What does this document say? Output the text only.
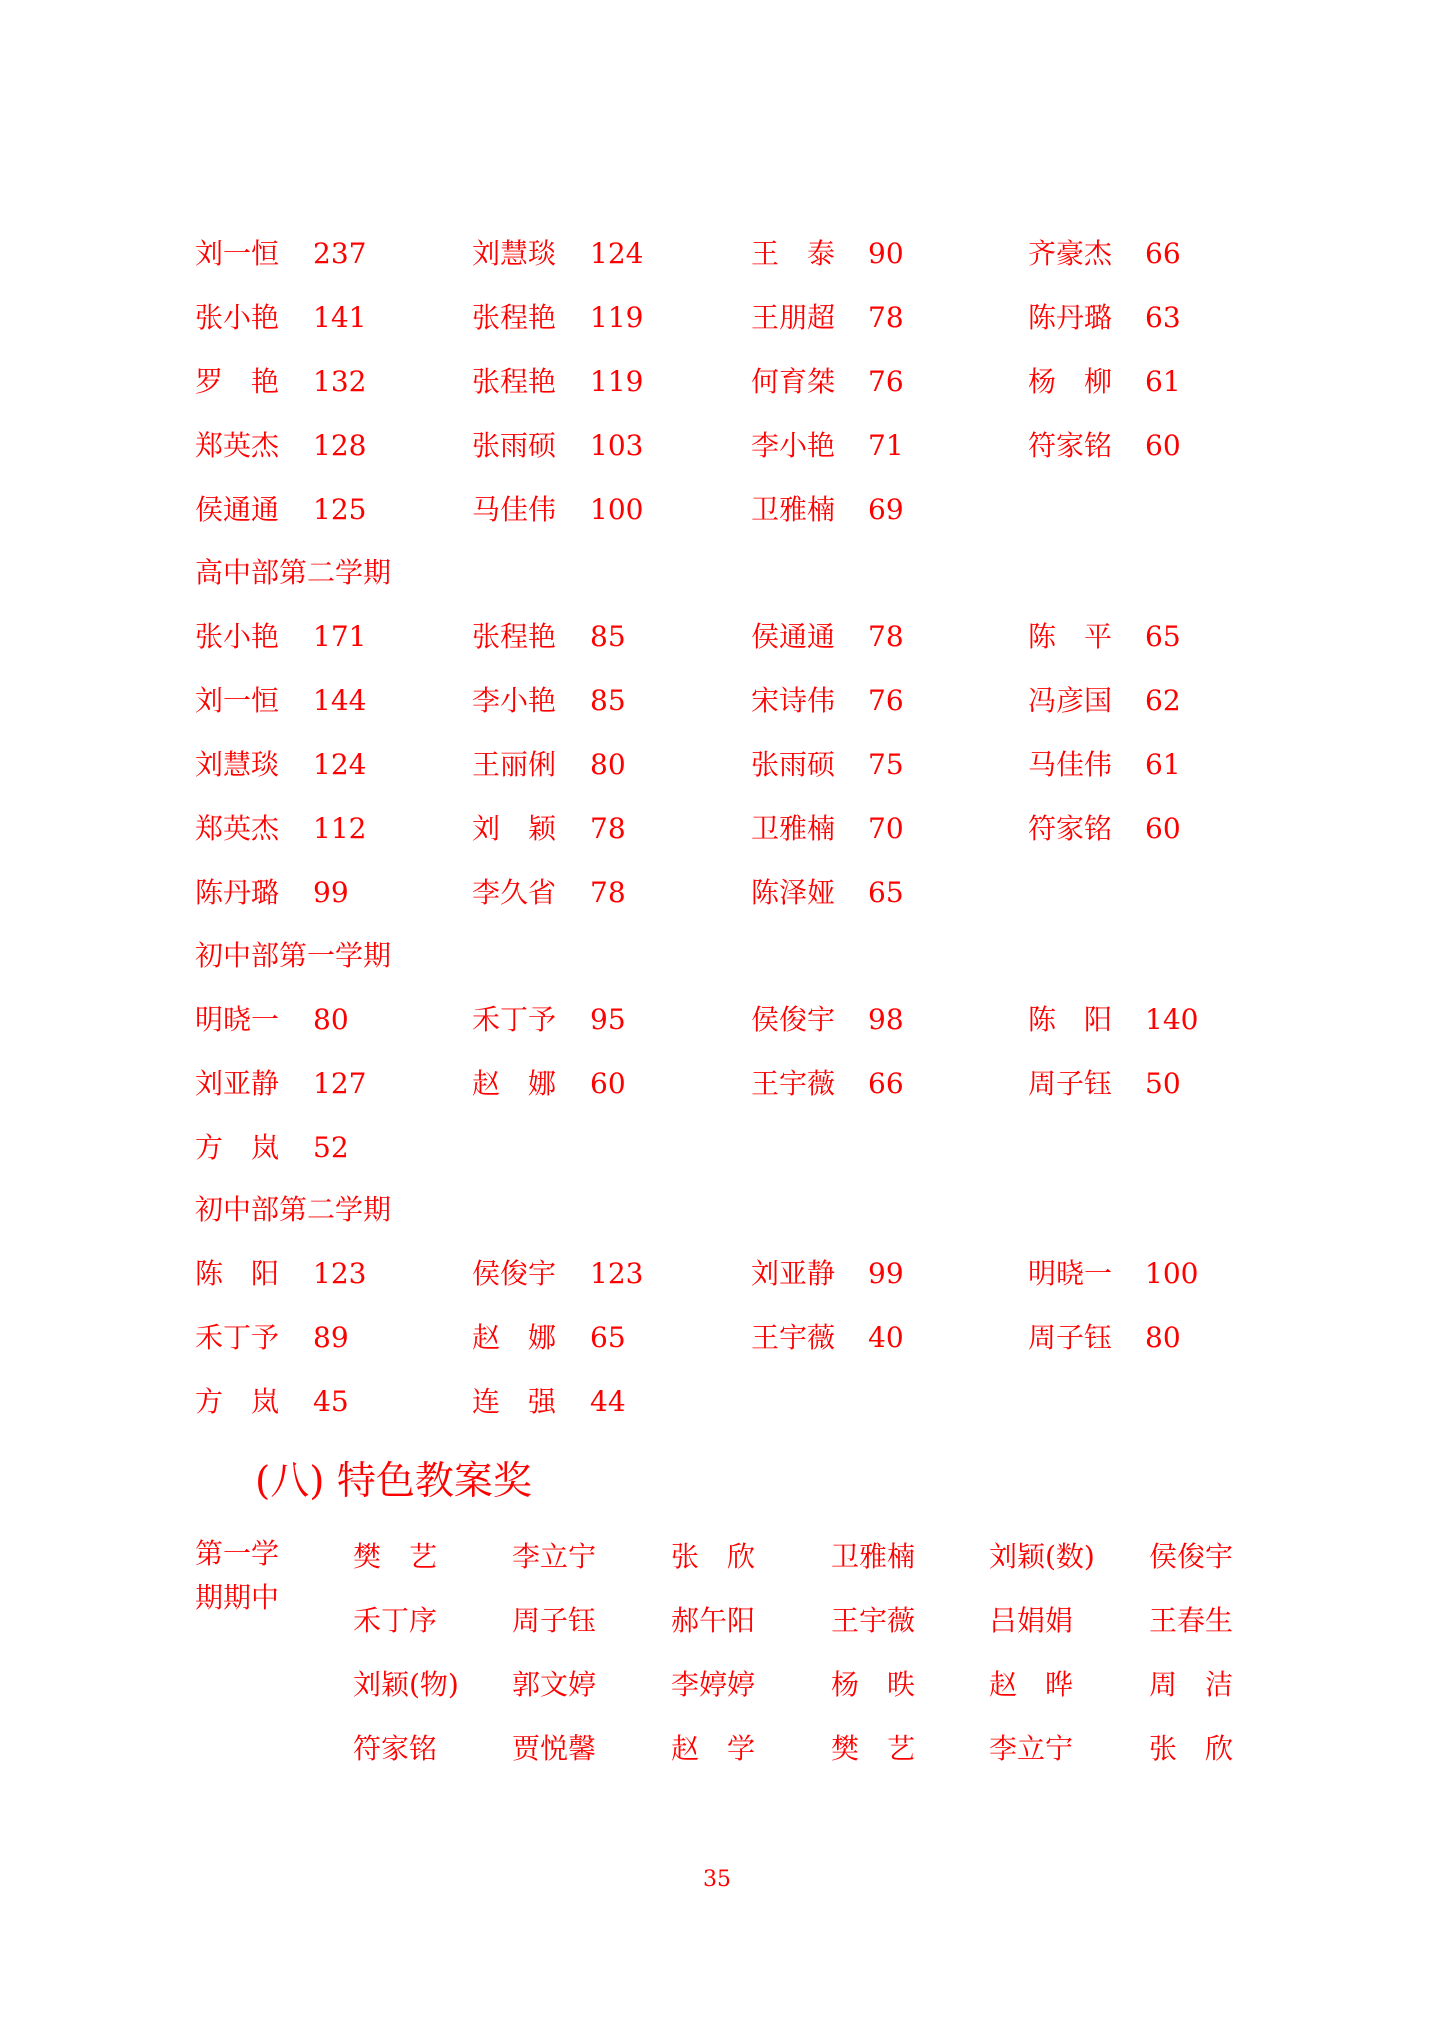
刘一恒 237	刘慧琰 124	王　泰 90	齐豪杰 66
张小艳 141	张程艳 119	王朋超 78	陈丹璐 63
罗　艳 132	张程艳 119	何育桀 76	杨　柳 61
郑英杰 128	张雨硕 103	李小艳 71	符家铭 60
侯通通 125	马佳伟 100	卫雅楠 69
高中部第二学期
张小艳 171	张程艳 85	侯通通 78	陈　平 65
刘一恒 144	李小艳 85	宋诗伟 76	冯彦国 62
刘慧琰 124	王丽俐 80	张雨硕 75	马佳伟 61
郑英杰 112	刘　颖 78	卫雅楠 70	符家铭 60
陈丹璐 99	李久省 78	陈泽娅 65
初中部第一学期
明晓一 80	禾丁予 95	侯俊宇 98	陈　阳 140
刘亚静 127	赵　娜 60	王宇薇 66	周子钰 50
方　岚 52
初中部第二学期
陈　阳 123	侯俊宇 123	刘亚静 99	明晓一 100
禾丁予 89	赵　娜 65	王宇薇 40	周子钰 80
方　岚 45	连　强 44
(八) 特色教案奖
第一学期期中
樊　艺	李立宁	张　欣	卫雅楠	刘颖(数) 侯俊宇
禾丁序	周子钰	郝午阳	王宇薇	吕娟娟	王春生
刘颖(物) 郭文婷	李婷婷	杨　昳	赵　晔	周　洁
符家铭	贾悦馨	赵　学	樊　艺	李立宁	张　欣
35
